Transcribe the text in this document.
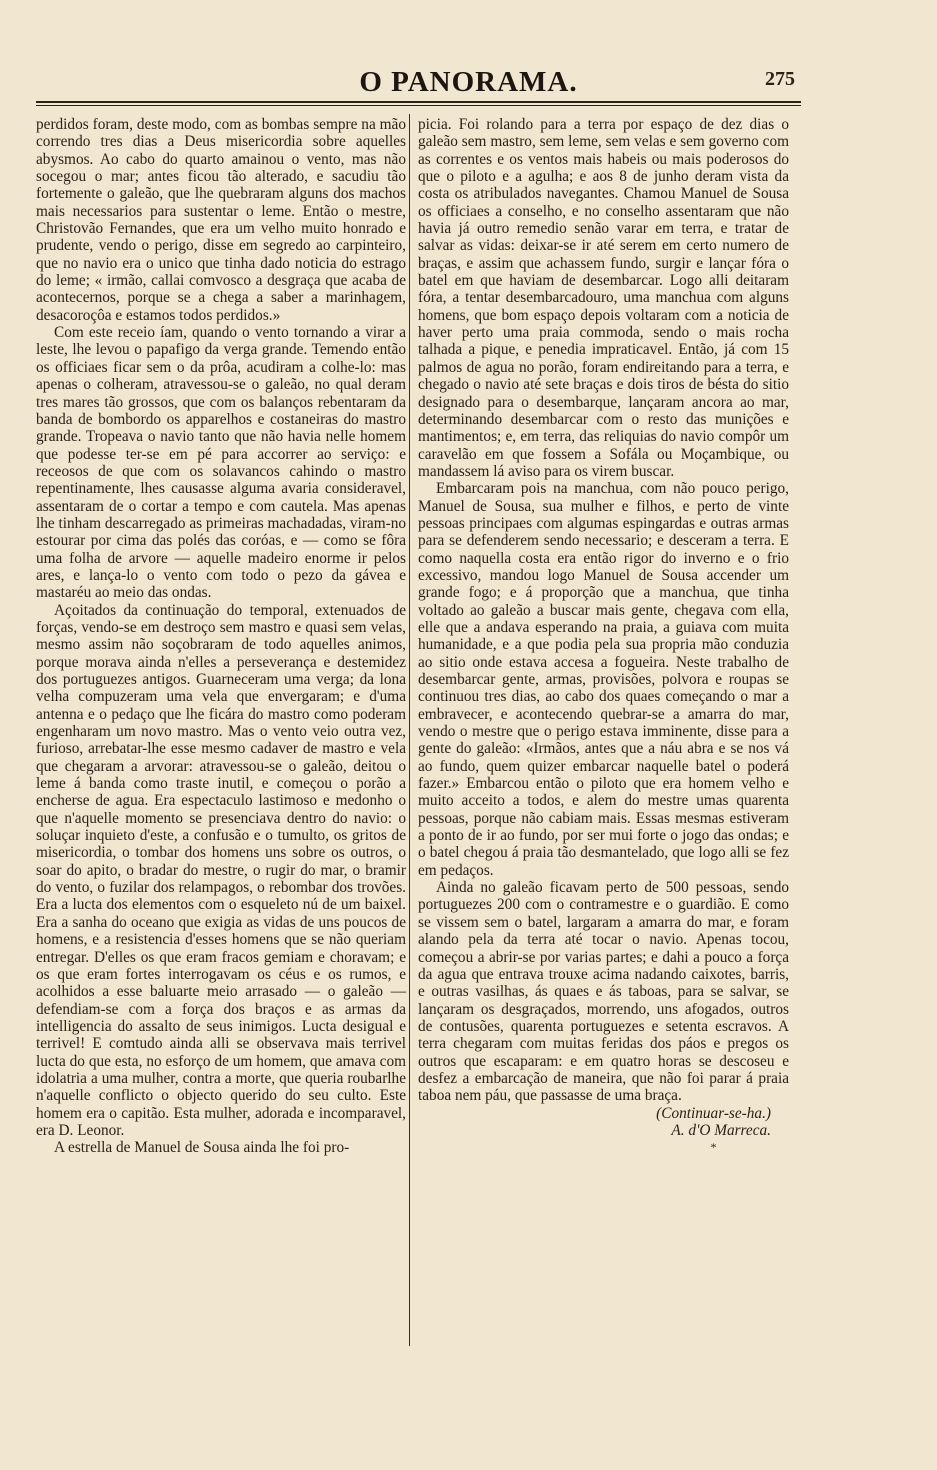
O PANORAMA.	275

perdidos foram, deste modo, com as bombas sempre na mão correndo tres dias a Deus misericordia sobre aquelles abysmos. Ao cabo do quarto amainou o vento, mas não socegou o mar; antes ficou tão alterado, e sacudiu tão fortemente o galeão, que lhe quebraram alguns dos machos mais necessarios para sustentar o leme. Então o mestre, Christovão Fernandes, que era um velho muito honrado e prudente, vendo o perigo, disse em segredo ao carpinteiro, que no navio era o unico que tinha dado noticia do estrago do leme; « irmão, callai comvosco a desgraça que acaba de acontecernos, porque se a chega a saber a marinhagem, desacoroçôa e estamos todos perdidos.»

Com este receio íam, quando o vento tornando a virar a leste, lhe levou o papafigo da verga grande. Temendo então os officiaes ficar sem o da prôa, acudiram a colhe-lo: mas apenas o colheram, atravessou-se o galeão, no qual deram tres mares tão grossos, que com os balanços rebentaram da banda de bombordo os apparelhos e costaneiras do mastro grande. Tropeava o navio tanto que não havia nelle homem que podesse ter-se em pé para accorrer ao serviço: e receosos de que com os solavancos cahindo o mastro repentinamente, lhes causasse alguma avaria consideravel, assentaram de o cortar a tempo e com cautela. Mas apenas lhe tinham descarregado as primeiras machadadas, viram-no estourar por cima das polés das coróas, e — como se fôra uma folha de arvore — aquelle madeiro enorme ir pelos ares, e lança-lo o vento com todo o pezo da gávea e mastaréu ao meio das ondas.

Açoitados da continuação do temporal, extenuados de forças, vendo-se em destroço sem mastro e quasi sem velas, mesmo assim não soçobraram de todo aquelles animos, porque morava ainda n'elles a perseverança e destemidez dos portuguezes antigos. Guarneceram uma verga; da lona velha compuzeram uma vela que envergaram; e d'uma antenna e o pedaço que lhe ficára do mastro como poderam engenharam um novo mastro. Mas o vento veio outra vez, furioso, arrebatar-lhe esse mesmo cadaver de mastro e vela que chegaram a arvorar: atravessou-se o galeão, deitou o leme á banda como traste inutil, e começou o porão a encherse de agua. Era espectaculo lastimoso e medonho o que n'aquelle momento se presenciava dentro do navio: o soluçar inquieto d'este, a confusão e o tumulto, os gritos de misericordia, o tombar dos homens uns sobre os outros, o soar do apito, o bradar do mestre, o rugir do mar, o bramir do vento, o fuzilar dos relampagos, o rebombar dos trovões. Era a lucta dos elementos com o esqueleto nú de um baixel. Era a sanha do oceano que exigia as vidas de uns poucos de homens, e a resistencia d'esses homens que se não queriam entregar. D'elles os que eram fracos gemiam e choravam; e os que eram fortes interrogavam os céus e os rumos, e acolhidos a esse baluarte meio arrasado — o galeão — defendiam-se com a força dos braços e as armas da intelligencia do assalto de seus inimigos. Lucta desigual e terrivel! E comtudo ainda alli se observava mais terrivel lucta do que esta, no esforço de um homem, que amava com idolatria a uma mulher, contra a morte, que queria roubarlhe n'aquelle conflicto o objecto querido do seu culto. Este homem era o capitão. Esta mulher, adorada e incomparavel, era D. Leonor.

A estrella de Manuel de Sousa ainda lhe foi pro-

picia. Foi rolando para a terra por espaço de dez dias o galeão sem mastro, sem leme, sem velas e sem governo com as correntes e os ventos mais habeis ou mais poderosos do que o piloto e a agulha; e aos 8 de junho deram vista da costa os atribulados navegantes. Chamou Manuel de Sousa os officiaes a conselho, e no conselho assentaram que não havia já outro remedio senão varar em terra, e tratar de salvar as vidas: deixar-se ir até serem em certo numero de braças, e assim que achassem fundo, surgir e lançar fóra o batel em que haviam de desembarcar. Logo alli deitaram fóra, a tentar desembarcadouro, uma manchua com alguns homens, que bom espaço depois voltaram com a noticia de haver perto uma praia commoda, sendo o mais rocha talhada a pique, e penedia impraticavel. Então, já com 15 palmos de agua no porão, foram endireitando para a terra, e chegado o navio até sete braças e dois tiros de bésta do sitio designado para o desembarque, lançaram ancora ao mar, determinando desembarcar com o resto das munições e mantimentos; e, em terra, das reliquias do navio compôr um caravelão em que fossem a Sofála ou Moçambique, ou mandassem lá aviso para os virem buscar.

Embarcaram pois na manchua, com não pouco perigo, Manuel de Sousa, sua mulher e filhos, e perto de vinte pessoas principaes com algumas espingardas e outras armas para se defenderem sendo necessario; e desceram a terra. E como naquella costa era então rigor do inverno e o frio excessivo, mandou logo Manuel de Sousa accender um grande fogo; e á proporção que a manchua, que tinha voltado ao galeão a buscar mais gente, chegava com ella, elle que a andava esperando na praia, a guiava com muita humanidade, e a que podia pela sua propria mão conduzia ao sitio onde estava accesa a fogueira. Neste trabalho de desembarcar gente, armas, provisões, polvora e roupas se continuou tres dias, ao cabo dos quaes começando o mar a embravecer, e acontecendo quebrar-se a amarra do mar, vendo o mestre que o perigo estava imminente, disse para a gente do galeão: «Irmãos, antes que a náu abra e se nos vá ao fundo, quem quizer embarcar naquelle batel o poderá fazer.» Embarcou então o piloto que era homem velho e muito acceito a todos, e alem do mestre umas quarenta pessoas, porque não cabiam mais. Essas mesmas estiveram a ponto de ir ao fundo, por ser mui forte o jogo das ondas; e o batel chegou á praia tão desmantelado, que logo alli se fez em pedaços.

Ainda no galeão ficavam perto de 500 pessoas, sendo portuguezes 200 com o contramestre e o guardião. E como se vissem sem o batel, largaram a amarra do mar, e foram alando pela da terra até tocar o navio. Apenas tocou, começou a abrir-se por varias partes; e dahi a pouco a força da agua que entrava trouxe acima nadando caixotes, barris, e outras vasilhas, ás quaes e ás taboas, para se salvar, se lançaram os desgraçados, morrendo, uns afogados, outros de contusões, quarenta portuguezes e setenta escravos. A terra chegaram com muitas feridas dos páos e pregos os outros que escaparam: e em quatro horas se descoseu e desfez a embarcação de maneira, que não foi parar á praia taboa nem páu, que passasse de uma braça.

(Continuar-se-ha.)

A. d'O Marreca.

*
